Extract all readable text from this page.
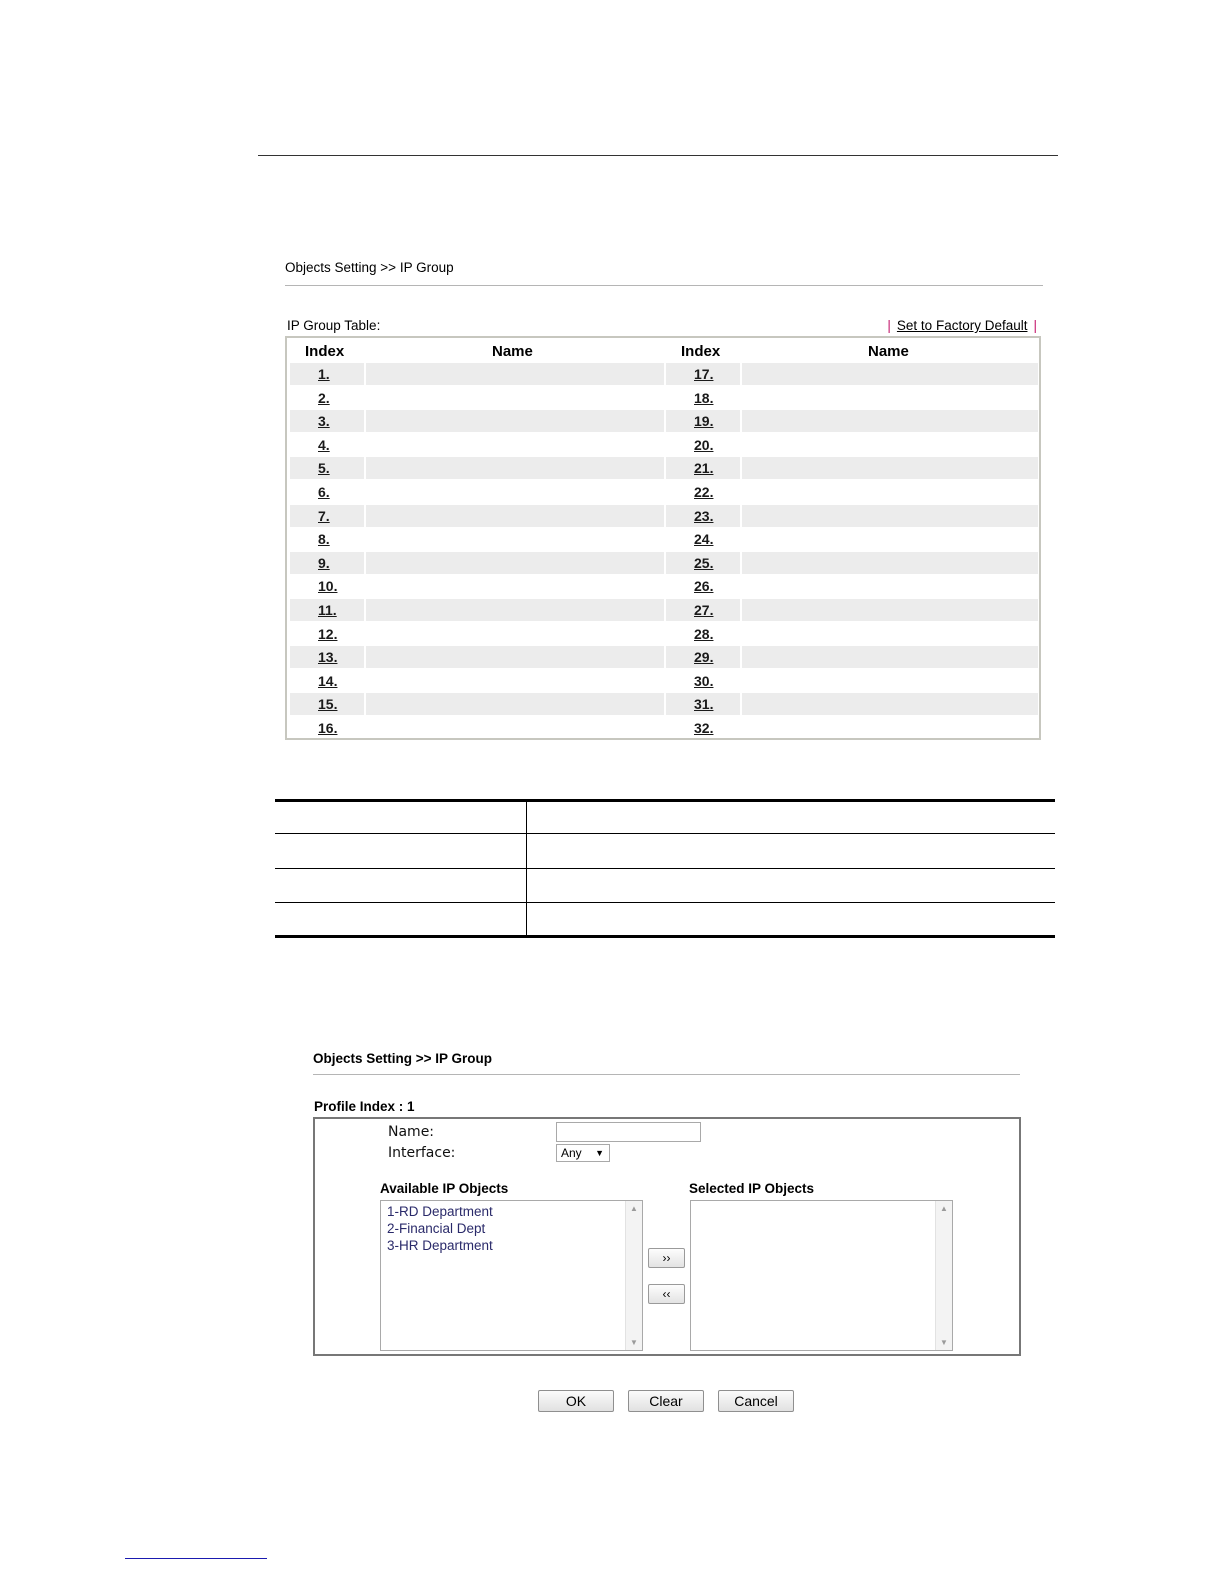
Objects Setting >> IP Group
IP Group Table:	| Set to Factory Default |
Index	Name	Index	Name
1.	17.
2.	18.
3.	19.
4.	20.
5.	21.
6.	22.
7.	23.
8.	24.
9.	25.
10.	26.
11.	27.
12.	28.
13.	29.
14.	30.
15.	31.
16.	32.
Objects Setting >> IP Group
Profile Index : 1
Name:
Interface:	Any ▼
Available IP Objects	Selected IP Objects
▲
▼
1-RD Department
2-Financial Dept
3-HR Department
››
‹‹
▲
▼
OK	Clear	Cancel
